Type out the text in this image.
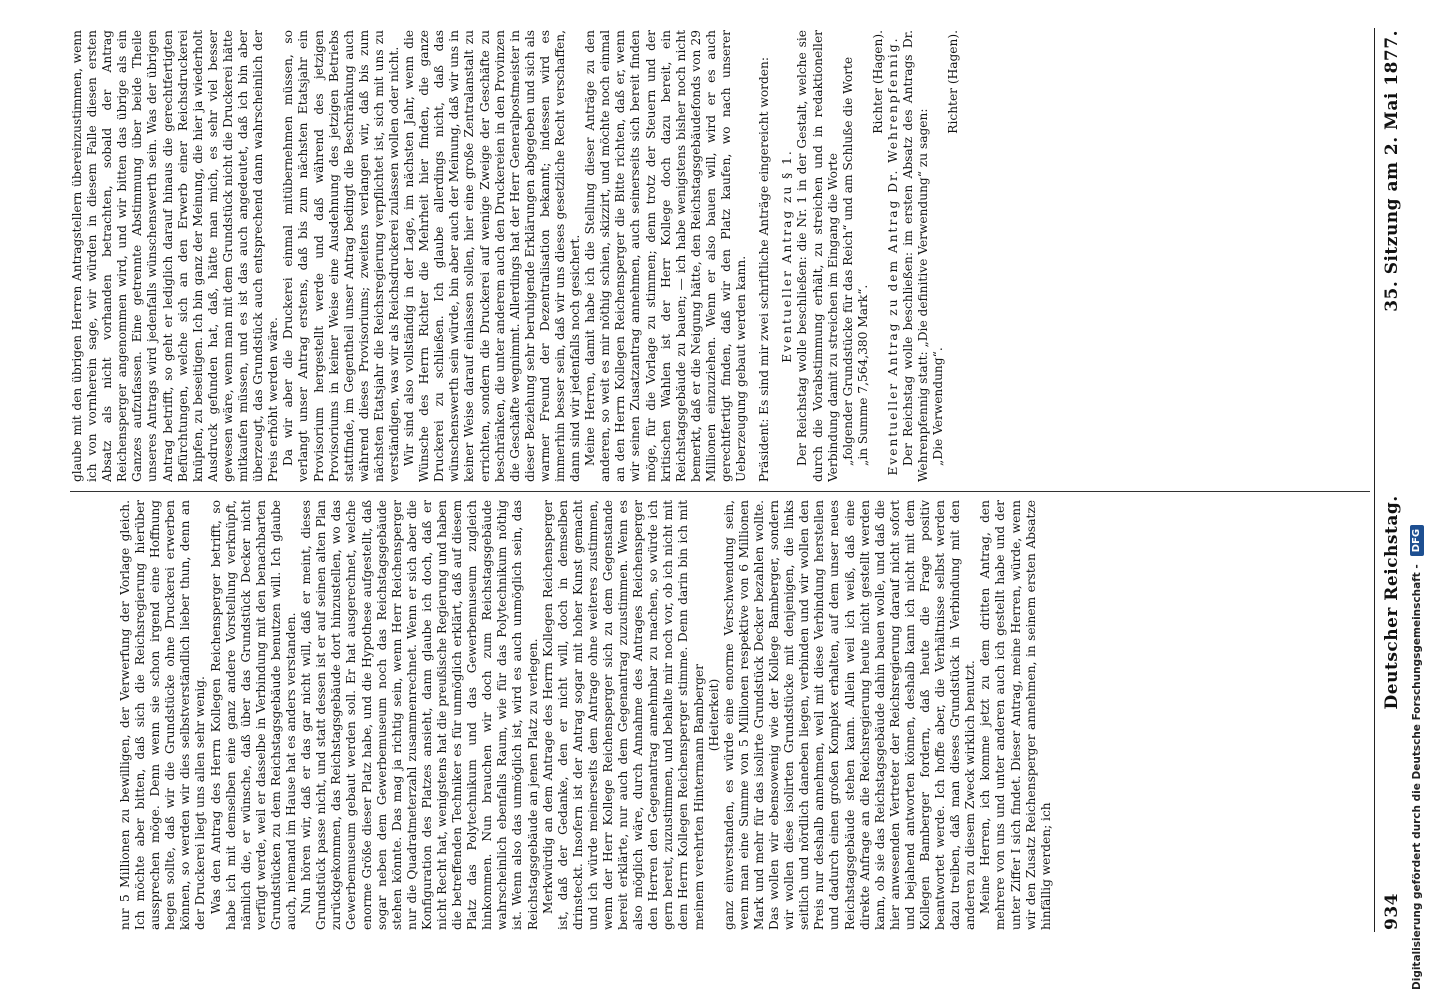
934
Deutscher Reichstag.
35. Sitzung am 2. Mai 1877.

nur 5 Millionen zu bewilligen, der Verwerfung der Vorlage gleich. Ich möchte aber bitten, daß sich die Reichsregierung hierüber aussprechen möge. Denn wenn sie schon irgend eine Hoffnung hegen sollte, daß wir die Grundstücke ohne Druckerei erwerben können, so werden wir dies selbstverständlich lieber thun, denn an der Druckerei liegt uns allen sehr wenig. Was den Antrag des Herrn Kollegen Reichensperger betrifft, so habe ich mit demselben eine ganz andere Vorstellung verknüpft, nämlich die, er wünsche, daß über das Grundstück Decker nicht verfügt werde, weil er dasselbe in Verbindung mit den benachbarten Grundstücken zu dem Reichstagsgebäude benutzen will. Ich glaube auch, niemand im Hause hat es anders verstanden. Nun hören wir, daß er das gar nicht will, daß er meint, dieses Grundstück passe nicht, und statt dessen ist er auf seinen alten Plan zurückgekommen, das Reichstagsgebäude dort hinzustellen, wo das Gewerbemuseum gebaut werden soll. Er hat ausgerechnet, welche enorme Größe dieser Platz habe, und die Hypothese aufgestellt, daß sogar neben dem Gewerbemuseum noch das Reichstagsgebäude stehen könnte. Das mag ja richtig sein, wenn Herr Reichensperger nur die Quadratmeterzahl zusammenrechnet. Wenn er sich aber die Konfiguration des Platzes ansieht, dann glaube ich doch, daß er nicht Recht hat, wenigstens hat die preußische Regierung und haben die betreffenden Techniker es für unmöglich erklärt, daß auf diesem Platz das Polytechnikum und das Gewerbemuseum zugleich hinkommen. Nun brauchen wir doch zum Reichstagsgebäude wahrscheinlich ebenfalls Raum, wie für das Polytechnikum nöthig ist. Wenn also das unmöglich ist, wird es auch unmöglich sein, das Reichstagsgebäude an jenen Platz zu verlegen. Merkwürdig an dem Antrage des Herrn Kollegen Reichensperger ist, daß der Gedanke, den er nicht will, doch in demselben drinsteckt. Insofern ist der Antrag sogar mit hoher Kunst gemacht und ich würde meinerseits dem Antrage ohne weiteres zustimmen, wenn der Herr Kollege Reichensperger sich zu dem Gegenstande bereit erklärte, nur auch dem Gegenantrag zuzustimmen. Wenn es also möglich wäre, durch Annahme des Antrages Reichensperger den Herren den Gegenantrag annehmbar zu machen, so würde ich gern bereit, zuzustimmen, und behalte mir noch vor, ob ich nicht mit dem Herrn Kollegen Reichensperger stimme. Denn darin bin ich mit meinem verehrten Hintermann Bamberger (Heiterkeit) ganz einverstanden, es würde eine enorme Verschwendung sein, wenn man eine Summe von 5 Millionen respektive von 6 Millionen Mark und mehr für das isolirte Grundstück Decker bezahlen wollte. Das wollen wir ebensowenig wie der Kollege Bamberger, sondern wir wollen diese isolirten Grundstücke mit denjenigen, die links seitlich und nördlich daneben liegen, verbinden und wir wollen den Preis nur deshalb annehmen, weil mit diese Verbindung herstellen und dadurch einen großen Komplex erhalten, auf dem unser neues Reichstagsgebäude stehen kann. Allein weil ich weiß, daß eine direkte Anfrage an die Reichsregierung heute nicht gestellt werden kann, ob sie das Reichstagsgebäude dahin bauen wolle, und daß die hier anwesenden Vertreter der Reichsregierung darauf nicht sofort und bejahend antworten können, deshalb kann ich nicht mit dem Kollegen Bamberger fordern, daß heute die Frage positiv beantwortet werde. Ich hoffe aber, die Verhältnisse selbst werden dazu treiben, daß man dieses Grundstück in Verbindung mit den anderen zu diesem Zweck wirklich benutzt. Meine Herren, ich komme jetzt zu dem dritten Antrag, den mehrere von uns und unter anderen auch ich gestellt habe und der unter Ziffer I sich findet. Dieser Antrag, meine Herren, würde, wenn wir den Zusatz Reichensperger annehmen, in seinem ersten Absatze hinfällig werden; ich

glaube mit den übrigen Herren Antragstellern übereinzustimmen, wenn ich von vornherein sage, wir würden in diesem Falle diesen ersten Absatz als nicht vorhanden betrachten, sobald der Antrag Reichensperger angenommen wird, und wir bitten das übrige als ein Ganzes aufzufassen. Eine getrennte Abstimmung über beide Theile unseres Antrags wird jedenfalls wünschenswerth sein. Was der übrigen Antrag betrifft, so geht er lediglich darauf hinaus die gerechtfertigten Befürchtungen, welche sich an den Erwerb einer Reichsdruckerei knüpfen, zu beseitigen. Ich bin ganz der Meinung, die hier ja wiederholt Ausdruck gefunden hat, daß, hätte man mich, es sehr viel besser gewesen wäre, wenn man mit dem Grundstück nicht die Druckerei hätte mitkaufen müssen, und es ist das auch angedeutet, daß ich bin aber überzeugt, das Grundstück auch entsprechend dann wahrscheinlich der Preis erhöht werden wäre. Da wir aber die Druckerei einmal mitübernehmen müssen, so verlangt unser Antrag erstens, daß bis zum nächsten Etatsjahr ein Provisorium hergestellt werde und daß während des jetzigen Provisoriums in keiner Weise eine Ausdehnung des jetzigen Betriebs stattfinde, im Gegentheil unser Antrag bedingt die Beschränkung auch während dieses Provisoriums; zweitens verlangen wir, daß bis zum nächsten Etatsjahr die Reichsregierung verpflichtet ist, sich mit uns zu verständigen, was wir als Reichsdruckerei zulassen wollen oder nicht. Wir sind also vollständig in der Lage, im nächsten Jahr, wenn die Wünsche des Herrn Richter die Mehrheit hier finden, die ganze Druckerei zu schließen. Ich glaube allerdings nicht, daß das wünschenswerth sein würde, bin aber auch der Meinung, daß wir uns in keiner Weise darauf einlassen sollen, hier eine große Zentralanstalt zu errichten, sondern die Druckerei auf wenige Zweige der Geschäfte zu beschränken, die unter anderem auch den Druckereien in den Provinzen die Geschäfte wegnimmt. Allerdings hat der Herr Generalpostmeister in dieser Beziehung sehr beruhigende Erklärungen abgegeben und sich als warmer Freund der Dezentralisation bekannt; indessen wird es immerhin besser sein, daß wir uns dieses gesetzliche Recht verschaffen, dann sind wir jedenfalls noch gesichert. Meine Herren, damit habe ich die Stellung dieser Anträge zu den anderen, so weit es mir nöthig schien, skizzirt, und möchte noch einmal an den Herrn Kollegen Reichensperger die Bitte richten, daß er, wenn wir seinen Zusatzantrag annehmen, auch seinerseits sich bereit finden möge, für die Vorlage zu stimmen; denn trotz der Steuern und der kritischen Wahlen ist der Herr Kollege doch dazu bereit, ein Reichstagsgebäude zu bauen; — ich habe wenigstens bisher noch nicht bemerkt, daß er die Neigung hätte, den Reichstagsgebäudefonds von 29 Millionen einzuziehen. Wenn er also bauen will, wird er es auch gerechtfertigt finden, daß wir den Platz kaufen, wo nach unserer Ueberzeugung gebaut werden kann. Präsident: Es sind mir zwei schriftliche Anträge eingereicht worden: Eventueller Antrag zu § 1. Der Reichstag wolle beschließen: die Nr. 1 in der Gestalt, welche sie durch die Vorabstimmung erhält, zu streichen und in redaktioneller Verbindung damit zu streichen im Eingang die Worte „folgender Grundstücke für das Reich“ und am Schluße die Worte „in Summe 7,564,380 Mark“.

Richter (Hagen). Eventueller Antrag zu dem Antrag Dr. Wehrenpfennig. Der Reichstag wolle beschließen: im ersten Absatz des Antrags Dr. Wehrenpfennig statt: „Die definitive Verwendung“ zu sagen: „Die Verwendung“.

Richter (Hagen).

Digitalisierung gefördert durch die Deutsche Forschungsgemeinschaft -
DFG
